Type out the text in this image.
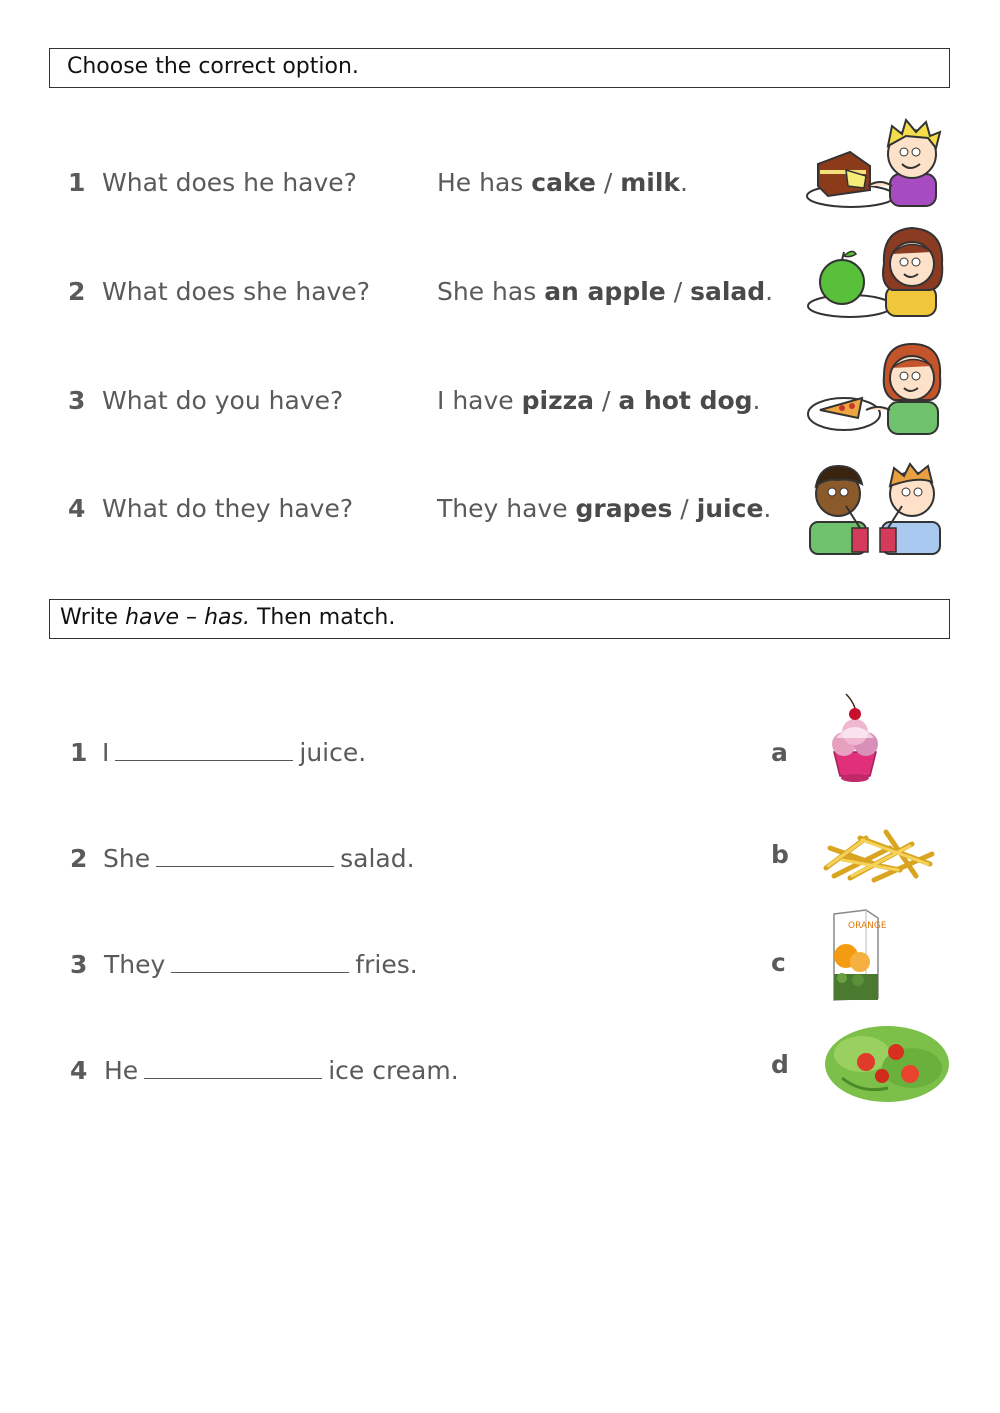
Choose the correct option.
1 What does he have?	He has cake / milk.
2 What does she have?	She has an apple / salad.
3 What do you have?	I have pizza / a hot dog.
4 What do they have?	They have grapes / juice.
Write have – has. Then match.
1 I	juice.	a
2 She	salad.	b
3 They	fries.	c
4 He	ice cream.	d
ORANGE
